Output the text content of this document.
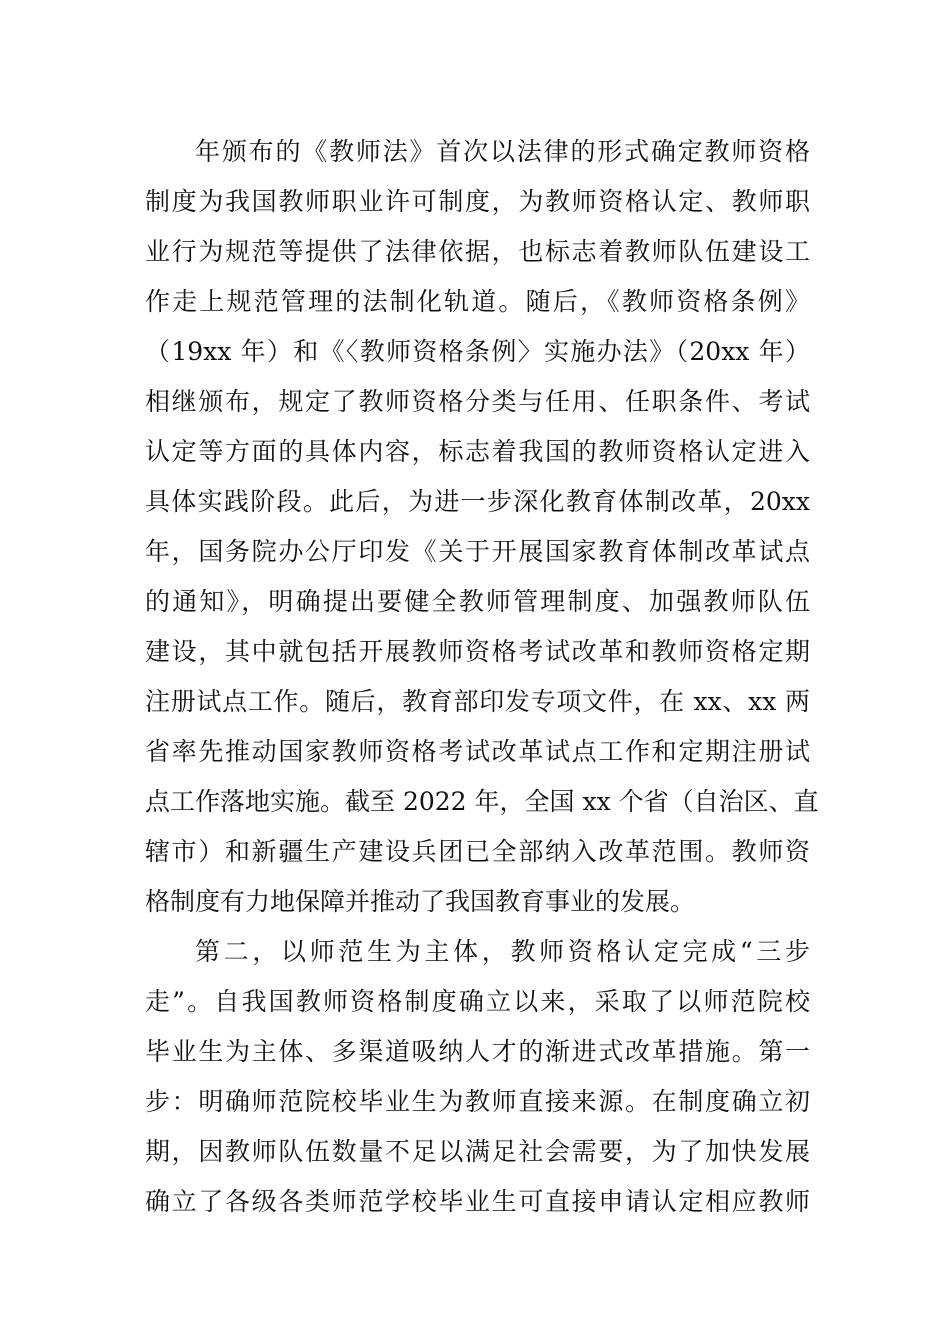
年颁布的《教师法》首次以法律的形式确定教师资格
制度为我国教师职业许可制度，为教师资格认定、教师职
业行为规范等提供了法律依据，也标志着教师队伍建设工
作走上规范管理的法制化轨道。随后，《教师资格条例》
（19xx 年）和《〈教师资格条例〉实施办法》（20xx 年）
相继颁布，规定了教师资格分类与任用、任职条件、考试
认定等方面的具体内容，标志着我国的教师资格认定进入
具体实践阶段。此后，为进一步深化教育体制改革，20xx
年，国务院办公厅印发《关于开展国家教育体制改革试点
的通知》，明确提出要健全教师管理制度、加强教师队伍
建设，其中就包括开展教师资格考试改革和教师资格定期
注册试点工作。随后，教育部印发专项文件，在 xx、xx 两
省率先推动国家教师资格考试改革试点工作和定期注册试
点工作落地实施。截至 2022 年，全国 xx 个省（自治区、直
辖市）和新疆生产建设兵团已全部纳入改革范围。教师资
格制度有力地保障并推动了我国教育事业的发展。
第二，以师范生为主体，教师资格认定完成“三步
走”。自我国教师资格制度确立以来，采取了以师范院校
毕业生为主体、多渠道吸纳人才的渐进式改革措施。第一
步：明确师范院校毕业生为教师直接来源。在制度确立初
期，因教师队伍数量不足以满足社会需要，为了加快发展
确立了各级各类师范学校毕业生可直接申请认定相应教师
